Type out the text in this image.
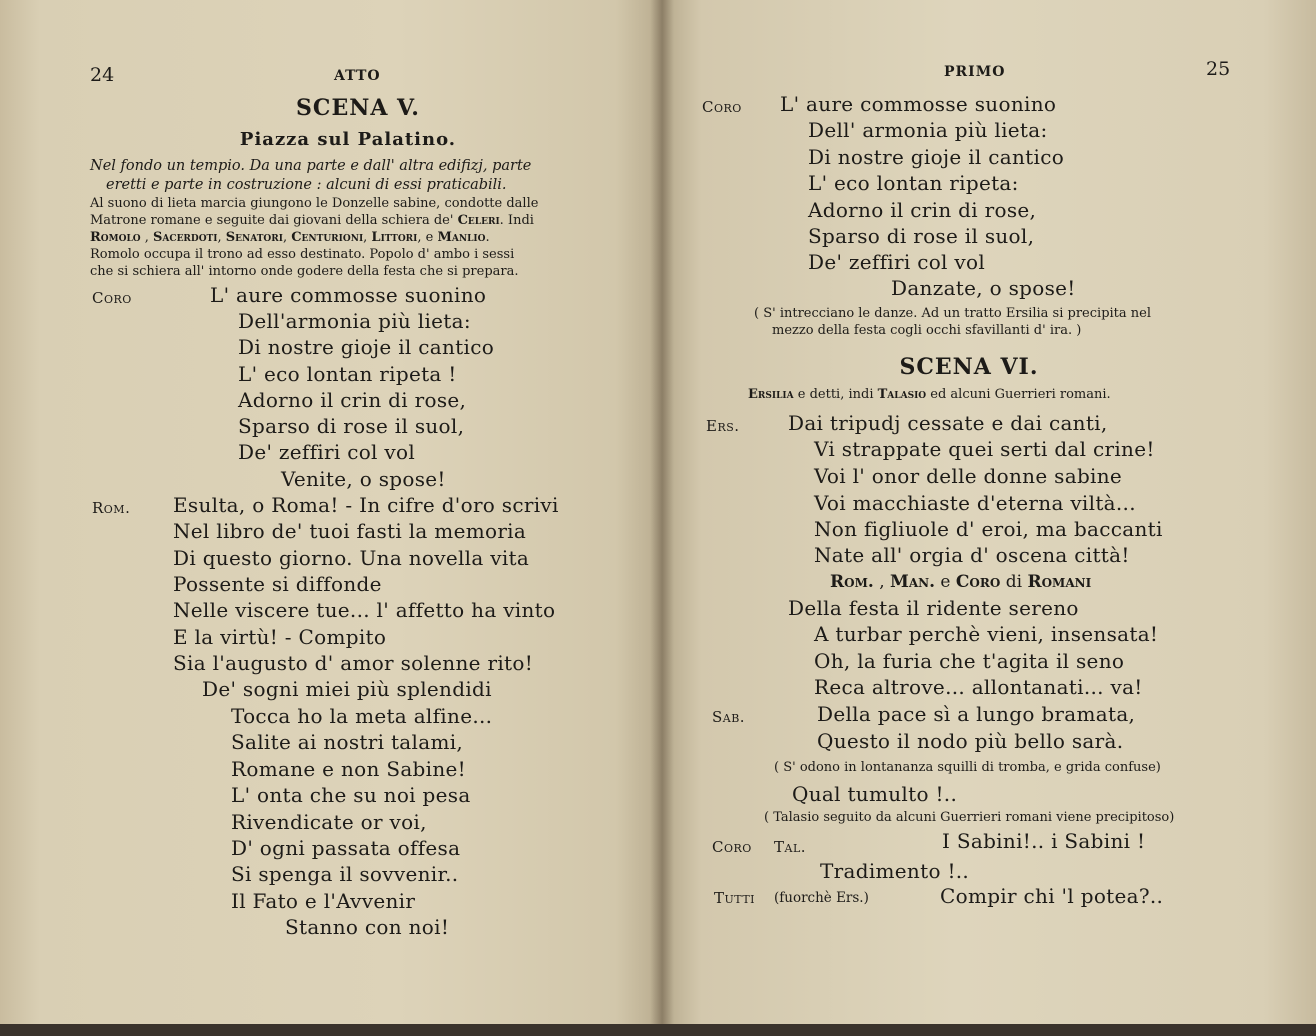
24	ATTO
SCENA V.
Piazza sul Palatino.
Nel fondo un tempio. Da una parte e dall' altra edifizj, parte
eretti e parte in costruzione : alcuni di essi praticabili.
Al suono di lieta marcia giungono le Donzelle sabine, condotte dalle
Matrone romane e seguite dai giovani della schiera de' Celeri. Indi
Romolo , Sacerdoti, Senatori, Centurioni, Littori, e Manlio.
Romolo occupa il trono ad esso destinato. Popolo d' ambo i sessi
che si schiera all' intorno onde godere della festa che si prepara.
Coro	L' aure commosse suonino
Dell'armonia più lieta:
Di nostre gioje il cantico
L' eco lontan ripeta !
Adorno il crin di rose,
Sparso di rose il suol,
De' zeffiri col vol
Venite, o spose!
Rom. Esulta, o Roma! - In cifre d'oro scrivi
Nel libro de' tuoi fasti la memoria
Di questo giorno. Una novella vita
Possente si diffonde
Nelle viscere tue... l' affetto ha vinto
E la virtù! - Compito
Sia l'augusto d' amor solenne rito!
De' sogni miei più splendidi
Tocca ho la meta alfine...
Salite ai nostri talami,
Romane e non Sabine!
L' onta che su noi pesa
Rivendicate or voi,
D' ogni passata offesa
Si spenga il sovvenir..
Il Fato e l'Avvenir
Stanno con noi!
PRIMO	25
Coro L' aure commosse suonino
Dell' armonia più lieta:
Di nostre gioje il cantico
L' eco lontan ripeta:
Adorno il crin di rose,
Sparso di rose il suol,
De' zeffiri col vol
Danzate, o spose!
( S' intrecciano le danze. Ad un tratto Ersilia si precipita nel
mezzo della festa cogli occhi sfavillanti d' ira. )
SCENA VI.
Ersilia e detti, indi Talasio ed alcuni Guerrieri romani.
Ers. Dai tripudj cessate e dai canti,
Vi strappate quei serti dal crine!
Voi l' onor delle donne sabine
Voi macchiaste d'eterna viltà...
Non figliuole d' eroi, ma baccanti
Nate all' orgia d' oscena città!
Rom. , Man. e Coro di Romani
Della festa il ridente sereno
A turbar perchè vieni, insensata!
Oh, la furia che t'agita il seno
Reca altrove... allontanati... va!
Sab.	Della pace sì a lungo bramata,
Questo il nodo più bello sarà.
( S' odono in lontananza squilli di tromba, e grida confuse)
Qual tumulto !..
( Talasio seguito da alcuni Guerrieri romani viene precipitoso)
Coro Tal.	I Sabini!.. i Sabini !
Tradimento !..
Tutti (fuorchè Ers.)	Compir chi 'l potea?..
